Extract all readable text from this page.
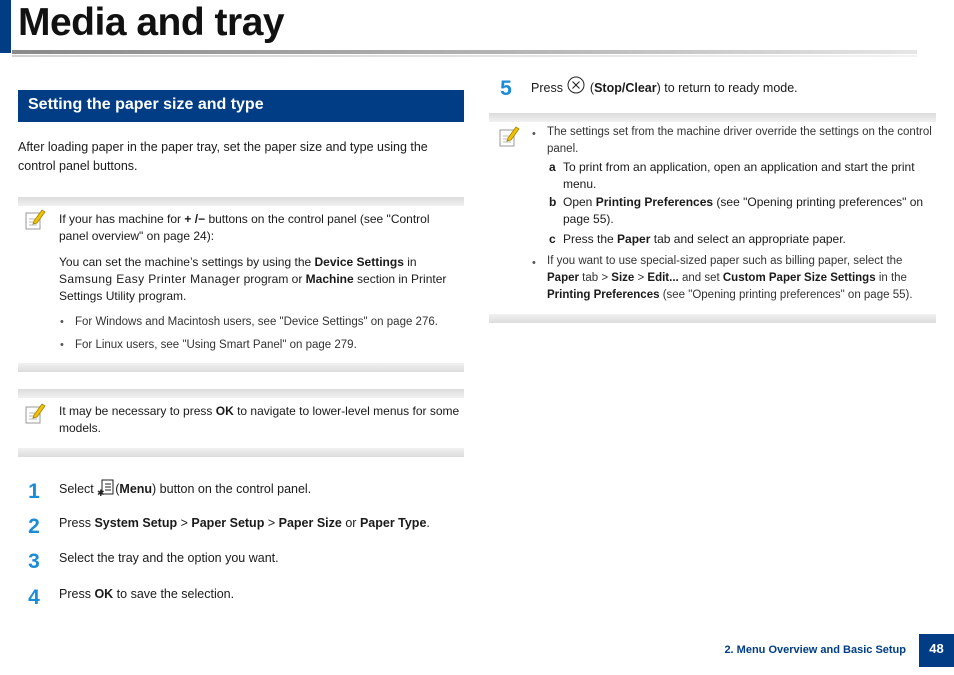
Media and tray
Setting the paper size and type
After loading paper in the paper tray, set the paper size and type using the control panel buttons.
If your has machine for + /− buttons on the control panel (see "Control panel overview" on page 24):
You can set the machine’s settings by using the Device Settings in Samsung Easy Printer Manager program or Machine section in Printer Settings Utility program.
• For Windows and Macintosh users, see "Device Settings" on page 276.
• For Linux users, see "Using Smart Panel" on page 279.
It may be necessary to press OK to navigate to lower-level menus for some models.
1	Select ✱ (Menu) button on the control panel.
2	Press System Setup > Paper Setup > Paper Size or Paper Type.
3	Select the tray and the option you want.
4	Press OK to save the selection.
5	Press (Stop/Clear) to return to ready mode.
• The settings set from the machine driver override the settings on the control panel.
a To print from an application, open an application and start the print menu.
b Open Printing Preferences (see "Opening printing preferences" on page 55).
c Press the Paper tab and select an appropriate paper.
• If you want to use special-sized paper such as billing paper, select the Paper tab > Size > Edit... and set Custom Paper Size Settings in the Printing Preferences (see "Opening printing preferences" on page 55).
2. Menu Overview and Basic Setup	48
